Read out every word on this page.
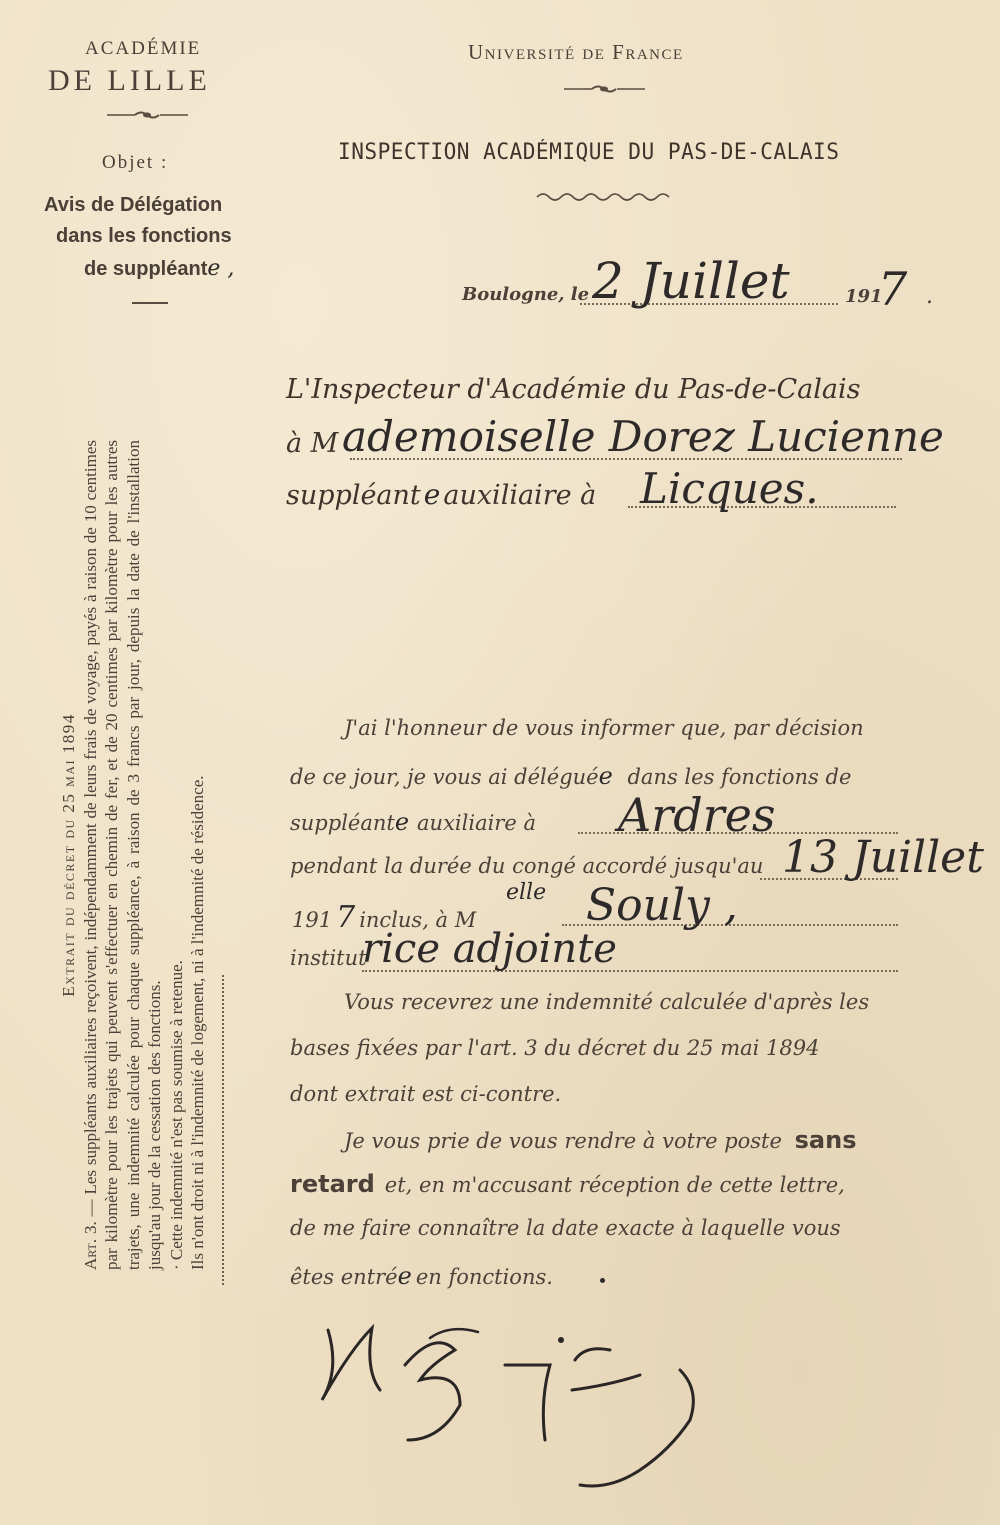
ACADÉMIE
DE LILLE
Objet :
Avis de Délégation
dans les fonctions
de suppléante ,
Université de France
INSPECTION ACADÉMIQUE DU PAS-DE-CALAIS
Boulogne, le 2 Juillet	191
7 .
L'Inspecteur d'Académie du Pas-de-Calais
à M ademoiselle Dorez Lucienne
suppléant e auxiliaire à Licques.

Extrait du décret du 25 mai 1894

Art. 3. — Les suppléants auxiliaires reçoivent, indépendamment de leurs frais de voyage, payés à raison de 10 centimes par kilomètre pour les trajets qui peuvent s'effectuer en chemin de fer, et de 20 centimes par kilomètre pour les autres trajets, une indemnité calculée pour chaque suppléance, à raison de 3 francs par jour, depuis la date de l'installation jusqu'au jour de la cessation des fonctions. · Cette indemnité n'est pas soumise à retenue. Ils n'ont droit ni à l'indemnité de logement, ni à l'indemnité de résidence.

J'ai l'honneur de vous informer que, par décision
de ce jour, je vous ai déléguée dans les fonctions de
suppléante auxiliaire à Ardres
pendant la durée du congé accordé jusqu'au 13 Juillet
191 7 inclus, à M
elle Souly ,
institut
rice adjointe
Vous recevrez une indemnité calculée d'après les
bases fixées par l'art. 3 du décret du 25 mai 1894
dont extrait est ci-contre.
Je vous prie de vous rendre à votre poste sans
retard et, en m'accusant réception de cette lettre,
de me faire connaître la date exacte à laquelle vous
êtes entrée en fonctions.
